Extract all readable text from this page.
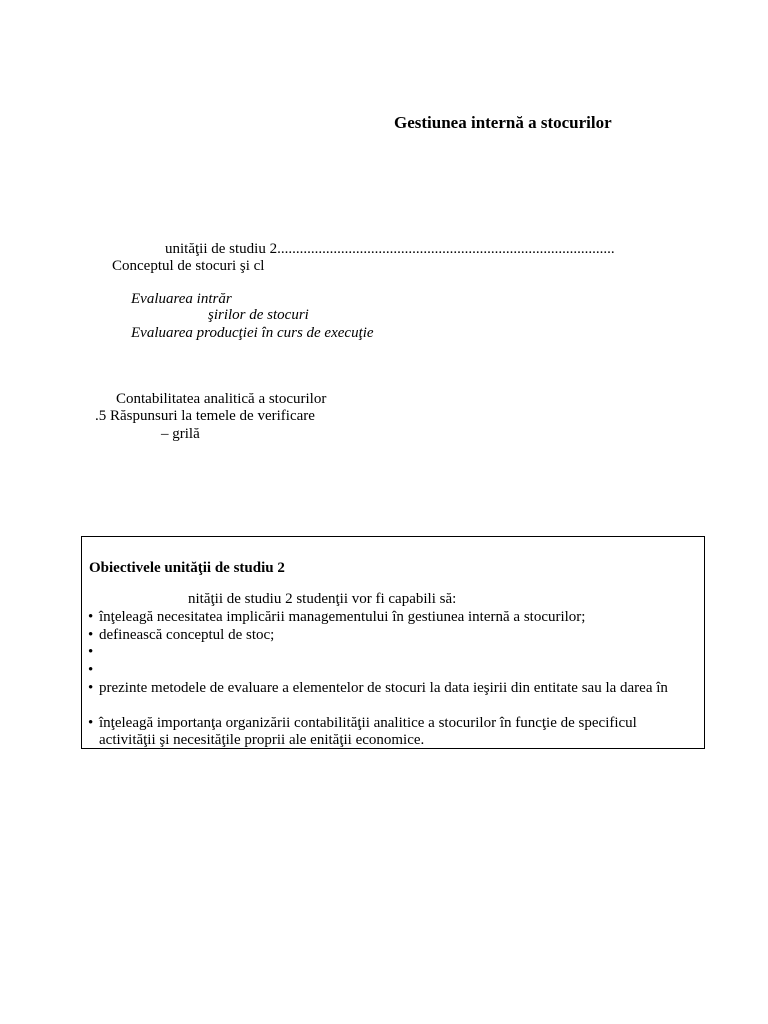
Gestiunea internă a stocurilor
unităţii de studiu 2..........................................................................................
Conceptul de stocuri şi cl
Evaluarea intrăr
şirilor de stocuri
Evaluarea producţiei în curs de execuţie
Contabilitatea analitică a stocurilor
.5 Răspunsuri la temele de verificare
– grilă
Obiectivele unităţii de studiu 2
nităţii de studiu 2 studenţii vor fi capabili să:
• înţeleagă necesitatea implicării managementului în gestiunea internă a stocurilor;
• definească conceptul de stoc;
•
•
• prezinte metodele de evaluare a elementelor de stocuri la data ieşirii din entitate sau la darea în
• înţeleagă importanţa organizării contabilităţii analitice a stocurilor în funcţie de specificul
activităţii şi necesităţile proprii ale enităţii economice.
